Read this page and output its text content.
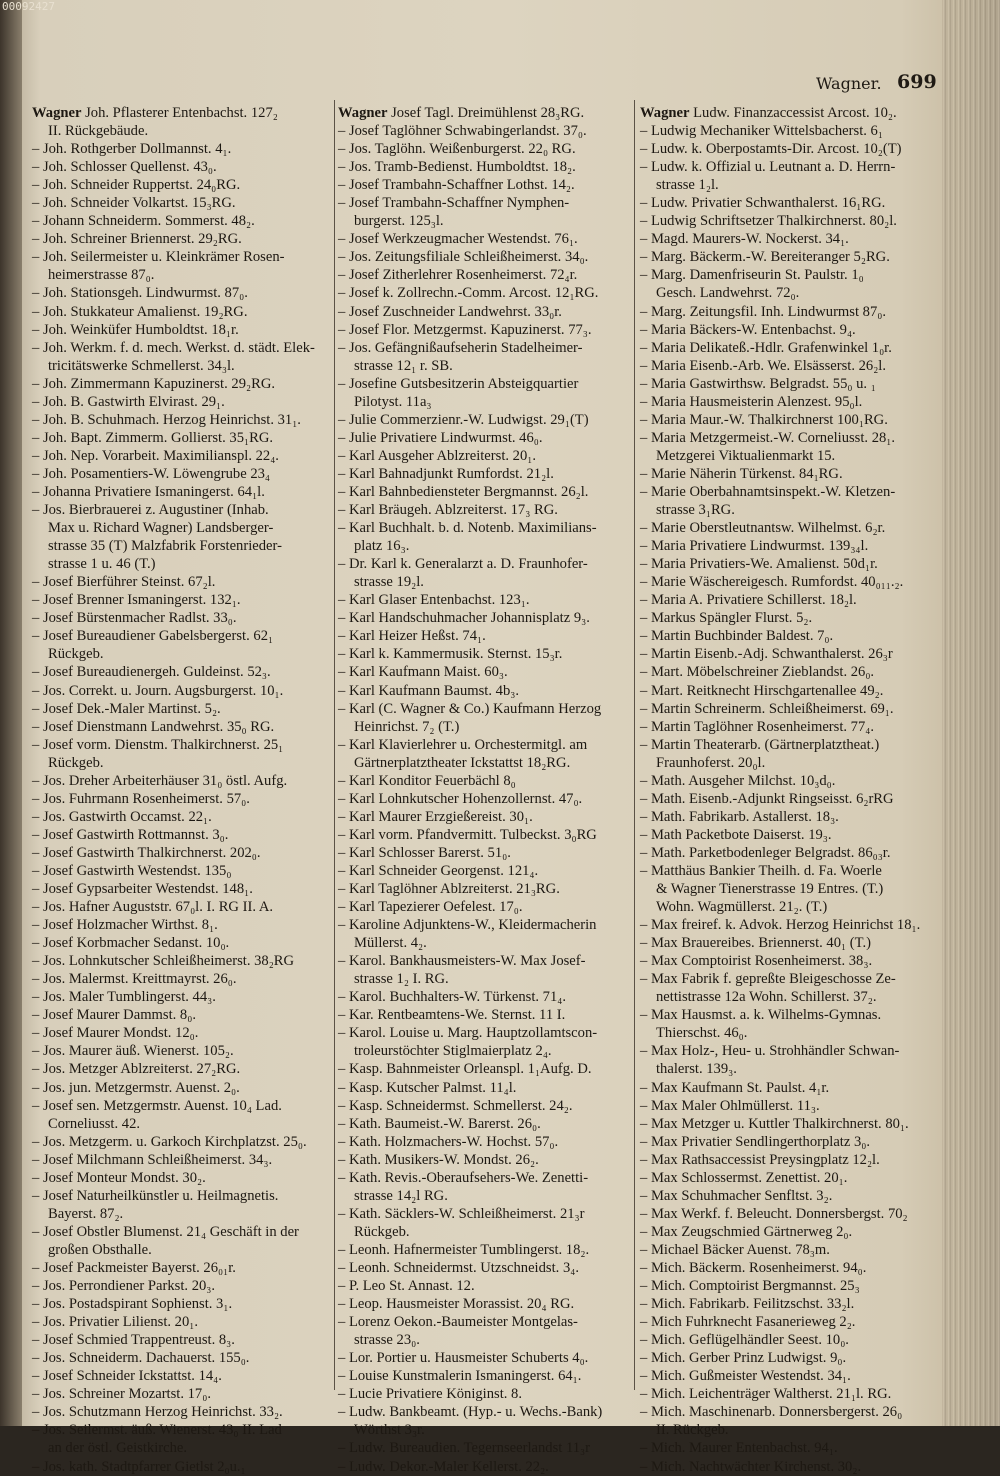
00092427
Wagner. 699
Wagner Joh. Pflasterer Entenbachst. 127₂
II. Rückgebäude.
– Joh. Rothgerber Dollmannst. 4₁.
– Joh. Schlosser Quellenst. 43₀.
– Joh. Schneider Ruppertst. 24₀RG.
– Joh. Schneider Volkartst. 15₃RG.
– Johann Schneiderm. Sommerst. 48₂.
– Joh. Schreiner Briennerst. 29₂RG.
– Joh. Seilermeister u. Kleinkrämer Rosen-
heimerstrasse 87₀.
– Joh. Stationsgeh. Lindwurmst. 87₀.
– Joh. Stukkateur Amalienst. 19₂RG.
– Joh. Weinküfer Humboldtst. 18₁r.
– Joh. Werkm. f. d. mech. Werkst. d. städt. Elek-
tricitätswerke Schmellerst. 34₃l.
– Joh. Zimmermann Kapuzinerst. 29₂RG.
– Joh. B. Gastwirth Elvirast. 29₁.
– Joh. B. Schuhmach. Herzog Heinrichst. 31₁.
– Joh. Bapt. Zimmerm. Gollierst. 35₁RG.
– Joh. Nep. Vorarbeit. Maximilianspl. 22₄.
– Joh. Posamentiers-W. Löwengrube 23₄
– Johanna Privatiere Ismaningerst. 64₁l.
– Jos. Bierbrauerei z. Augustiner (Inhab.
Max u. Richard Wagner) Landsberger-
strasse 35 (T) Malzfabrik Forstenrieder-
strasse 1 u. 46 (T.)
– Josef Bierführer Steinst. 67₂l.
– Josef Brenner Ismaningerst. 132₁.
– Josef Bürstenmacher Radlst. 33₀.
– Josef Bureaudiener Gabelsbergerst. 62₁
Rückgeb.
– Josef Bureaudienergeh. Guldeinst. 52₃.
– Jos. Correkt. u. Journ. Augsburgerst. 10₁.
– Josef Dek.-Maler Martinst. 5₂.
– Josef Dienstmann Landwehrst. 35₀ RG.
– Josef vorm. Dienstm. Thalkirchnerst. 25₁
Rückgeb.
– Jos. Dreher Arbeiterhäuser 31₀ östl. Aufg.
– Jos. Fuhrmann Rosenheimerst. 57₀.
– Jos. Gastwirth Occamst. 22₁.
– Josef Gastwirth Rottmannst. 3₀.
– Josef Gastwirth Thalkirchnerst. 202₀.
– Josef Gastwirth Westendst. 135₀
– Josef Gypsarbeiter Westendst. 148₁.
– Jos. Hafner Auguststr. 67₀l. I. RG II. A.
– Josef Holzmacher Wirthst. 8₁.
– Josef Korbmacher Sedanst. 10₀.
– Jos. Lohnkutscher Schleißheimerst. 38₂RG
– Jos. Malermst. Kreittmayrst. 26₀.
– Jos. Maler Tumblingerst. 44₃.
– Josef Maurer Dammst. 8₀.
– Josef Maurer Mondst. 12₀.
– Jos. Maurer äuß. Wienerst. 105₂.
– Jos. Metzger Ablzreiterst. 27₂RG.
– Jos. jun. Metzgermstr. Auenst. 2₀.
– Josef sen. Metzgermstr. Auenst. 10₄ Lad.
Corneliusst. 42.
– Jos. Metzgerm. u. Garkoch Kirchplatzst. 25₀.
– Josef Milchmann Schleißheimerst. 34₃.
– Josef Monteur Mondst. 30₂.
– Josef Naturheilkünstler u. Heilmagnetis.
Bayerst. 87₂.
– Josef Obstler Blumenst. 21₄ Geschäft in der
großen Obsthalle.
– Josef Packmeister Bayerst. 26₀₁r.
– Jos. Perrondiener Parkst. 20₃.
– Jos. Postadspirant Sophienst. 3₁.
– Jos. Privatier Lilienst. 20₁.
– Josef Schmied Trappentreust. 8₃.
– Jos. Schneiderm. Dachauerst. 155₀.
– Josef Schneider Ickstattst. 14₄.
– Jos. Schreiner Mozartst. 17₀.
– Jos. Schutzmann Herzog Heinrichst. 33₂.
– Jos. Seilermst. äuß. Wienerst. 43₀ II. Lad
an der östl. Geistkirche.
– Jos. kath. Stadtpfarrer Gietlst 2₀u.₁
Wagner Josef Tagl. Dreimühlenst 28₃RG.
– Josef Taglöhner Schwabingerlandst. 37₀.
– Jos. Taglöhn. Weißenburgerst. 22₀ RG.
– Jos. Tramb-Bedienst. Humboldtst. 18₂.
– Josef Trambahn-Schaffner Lothst. 14₂.
– Josef Trambahn-Schaffner Nymphen-
burgerst. 125₃l.
– Josef Werkzeugmacher Westendst. 76₁.
– Jos. Zeitungsfiliale Schleißheimerst. 34₀.
– Josef Zitherlehrer Rosenheimerst. 72₄r.
– Josef k. Zollrechn.-Comm. Arcost. 12₁RG.
– Josef Zuschneider Landwehrst. 33₀r.
– Josef Flor. Metzgermst. Kapuzinerst. 77₃.
– Jos. Gefängnißaufseherin Stadelheimer-
strasse 12₁ r. SB.
– Josefine Gutsbesitzerin Absteigquartier
Pilotyst. 11a₃
– Julie Commerzienr.-W. Ludwigst. 29₁(T)
– Julie Privatiere Lindwurmst. 46₀.
– Karl Ausgeher Ablzreiterst. 20₁.
– Karl Bahnadjunkt Rumfordst. 21₂l.
– Karl Bahnbediensteter Bergmannst. 26₂l.
– Karl Bräugeh. Ablzreiterst. 17₃ RG.
– Karl Buchhalt. b. d. Notenb. Maximilians-
platz 16₃.
– Dr. Karl k. Generalarzt a. D. Fraunhofer-
strasse 19₂l.
– Karl Glaser Entenbachst. 123₁.
– Karl Handschuhmacher Johannisplatz 9₃.
– Karl Heizer Heßst. 74₁.
– Karl k. Kammermusik. Sternst. 15₃r.
– Karl Kaufmann Maist. 60₃.
– Karl Kaufmann Baumst. 4b₃.
– Karl (C. Wagner & Co.) Kaufmann Herzog
Heinrichst. 7₂ (T.)
– Karl Klavierlehrer u. Orchestermitgl. am
Gärtnerplatztheater Ickstattst 18₂RG.
– Karl Konditor Feuerbächl 8₀
– Karl Lohnkutscher Hohenzollernst. 47₀.
– Karl Maurer Erzgießereist. 30₁.
– Karl vorm. Pfandvermitt. Tulbeckst. 3₀RG
– Karl Schlosser Barerst. 51₀.
– Karl Schneider Georgenst. 121₄.
– Karl Taglöhner Ablzreiterst. 21₃RG.
– Karl Tapezierer Oefelest. 17₀.
– Karoline Adjunktens-W., Kleidermacherin
Müllerst. 4₂.
– Karol. Bankhausmeisters-W. Max Josef-
strasse 1₂ I. RG.
– Karol. Buchhalters-W. Türkenst. 71₄.
– Kar. Rentbeamtens-We. Sternst. 11 I.
– Karol. Louise u. Marg. Hauptzollamtscon-
troleurstöchter Stiglmaierplatz 2₄.
– Kasp. Bahnmeister Orleanspl. 1₁Aufg. D.
– Kasp. Kutscher Palmst. 11₄l.
– Kasp. Schneidermst. Schmellerst. 24₂.
– Kath. Baumeist.-W. Barerst. 26₀.
– Kath. Holzmachers-W. Hochst. 57₀.
– Kath. Musikers-W. Mondst. 26₂.
– Kath. Revis.-Oberaufsehers-We. Zenetti-
strasse 14₂l RG.
– Kath. Säcklers-W. Schleißheimerst. 21₃r
Rückgeb.
– Leonh. Hafnermeister Tumblingerst. 18₂.
– Leonh. Schneidermst. Utzschneidst. 3₄.
– P. Leo St. Annast. 12.
– Leop. Hausmeister Morassist. 20₄ RG.
– Lorenz Oekon.-Baumeister Montgelas-
strasse 23₀.
– Lor. Portier u. Hausmeister Schuberts 4₀.
– Louise Kunstmalerin Ismaningerst. 64₁.
– Lucie Privatiere Königinst. 8.
– Ludw. Bankbeamt. (Hyp.- u. Wechs.-Bank)
Wörthst 3₃r.
– Ludw. Bureaudien. Tegernseerlandst 11₃r
– Ludw. Dekor.-Maler Kellerst. 22₂.
Wagner Ludw. Finanzaccessist Arcost. 10₂.
– Ludwig Mechaniker Wittelsbacherst. 6₁
– Ludw. k. Oberpostamts-Dir. Arcost. 10₂(T)
– Ludw. k. Offizial u. Leutnant a. D. Herrn-
strasse 1₂l.
– Ludw. Privatier Schwanthalerst. 16₁RG.
– Ludwig Schriftsetzer Thalkirchnerst. 80₂l.
– Magd. Maurers-W. Nockerst. 34₁.
– Marg. Bäckerm.-W. Bereiteranger 5₂RG.
– Marg. Damenfriseurin St. Paulstr. 1₀
Gesch. Landwehrst. 72₀.
– Marg. Zeitungsfil. Inh. Lindwurmst 87₀.
– Maria Bäckers-W. Entenbachst. 9₄.
– Maria Delikateß.-Hdlr. Grafenwinkel 1₀r.
– Maria Eisenb.-Arb. We. Elsässerst. 26₂l.
– Maria Gastwirthsw. Belgradst. 55₀ u. ₁
– Maria Hausmeisterin Alenzest. 95₀l.
– Maria Maur.-W. Thalkirchnerst 100₁RG.
– Maria Metzgermeist.-W. Corneliusst. 28₁.
Metzgerei Viktualienmarkt 15.
– Marie Näherin Türkenst. 84₁RG.
– Marie Oberbahnamtsinspekt.-W. Kletzen-
strasse 3₁RG.
– Marie Oberstleutnantsw. Wilhelmst. 6₂r.
– Maria Privatiere Lindwurmst. 139₃₄l.
– Maria Privatiers-We. Amalienst. 50d₁r.
– Marie Wäschereigesch. Rumfordst. 40₀₁₁.₂.
– Maria A. Privatiere Schillerst. 18₂l.
– Markus Spängler Flurst. 5₂.
– Martin Buchbinder Baldest. 7₀.
– Martin Eisenb.-Adj. Schwanthalerst. 26₃r
– Mart. Möbelschreiner Zieblandst. 26₀.
– Mart. Reitknecht Hirschgartenallee 49₂.
– Martin Schreinerm. Schleißheimerst. 69₁.
– Martin Taglöhner Rosenheimerst. 77₄.
– Martin Theaterarb. (Gärtnerplatztheat.)
Fraunhoferst. 20₀l.
– Math. Ausgeher Milchst. 10₃d₀.
– Math. Eisenb.-Adjunkt Ringseisst. 6₂rRG
– Math. Fabrikarb. Astallerst. 18₃.
– Math Packetbote Daiserst. 19₃.
– Math. Parketbodenleger Belgradst. 86₀₃r.
– Matthäus Bankier Theilh. d. Fa. Woerle
& Wagner Tienerstrasse 19 Entres. (T.)
Wohn. Wagmüllerst. 21₂. (T.)
– Max freiref. k. Advok. Herzog Heinrichst 18₁.
– Max Brauereibes. Briennerst. 40₁ (T.)
– Max Comptoirist Rosenheimerst. 38₃.
– Max Fabrik f. gepreßte Bleigeschosse Ze-
nettistrasse 12a Wohn. Schillerst. 37₂.
– Max Hausmst. a. k. Wilhelms-Gymnas.
Thierschst. 46₀.
– Max Holz-, Heu- u. Strohhändler Schwan-
thalerst. 139₃.
– Max Kaufmann St. Paulst. 4₁r.
– Max Maler Ohlmüllerst. 11₃.
– Max Metzger u. Kuttler Thalkirchnerst. 80₁.
– Max Privatier Sendlingerthorplatz 3₀.
– Max Rathsaccessist Preysingplatz 12₂l.
– Max Schlossermst. Zenettist. 20₁.
– Max Schuhmacher Senfltst. 3₂.
– Max Werkf. f. Beleucht. Donnersbergst. 70₂
– Max Zeugschmied Gärtnerweg 2₀.
– Michael Bäcker Auenst. 78₃m.
– Mich. Bäckerm. Rosenheimerst. 94₀.
– Mich. Comptoirist Bergmannst. 25₃
– Mich. Fabrikarb. Feilitzschst. 33₂l.
– Mich Fuhrknecht Fasanerieweg 2₂.
– Mich. Geflügelhändler Seest. 10₀.
– Mich. Gerber Prinz Ludwigst. 9₀.
– Mich. Gußmeister Westendst. 34₁.
– Mich. Leichenträger Waltherst. 21₁l. RG.
– Mich. Maschinenarb. Donnersbergerst. 26₀
II. Rückgeb.
– Mich. Maurer Entenbachst. 94₁.
– Mich. Nachtwächter Kirchenst. 30₂.
